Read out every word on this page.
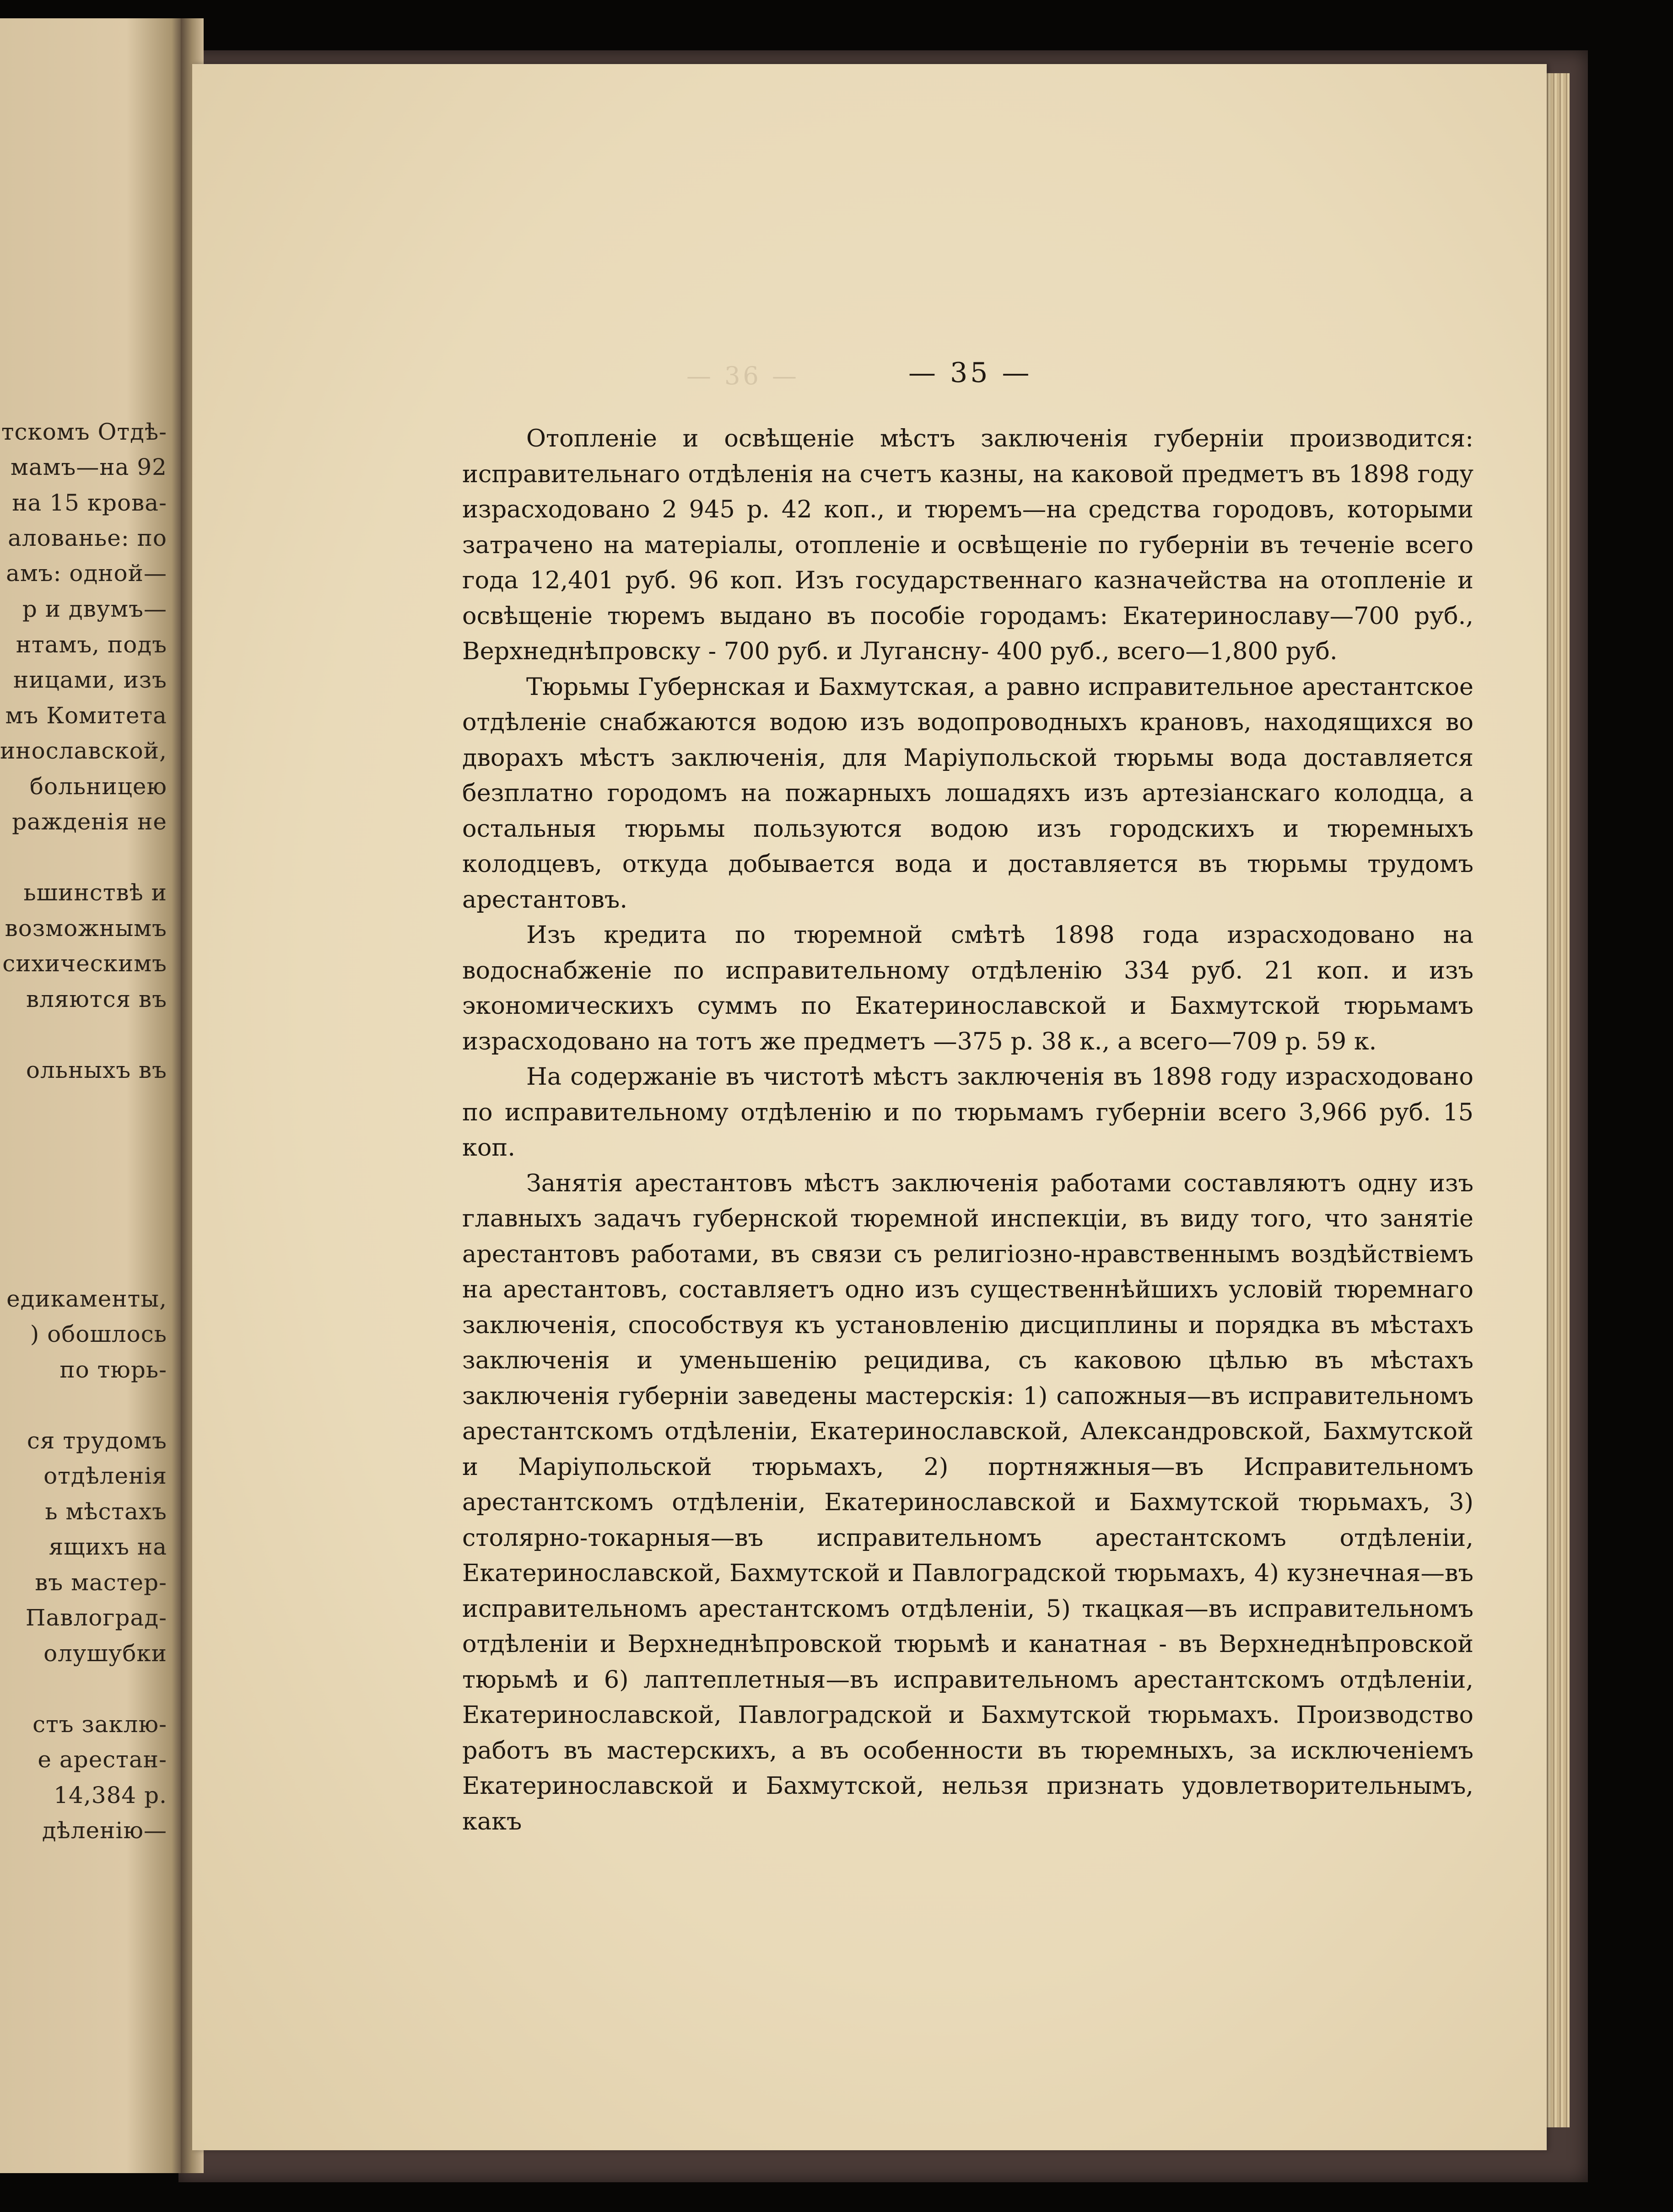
тскомъ Отдѣ-
мамъ—на 92
на 15 крова-
алованье: по
амъ: одной—
р и двумъ—
нтамъ, подъ
ницами, изъ
мъ Комитета
инославской,
больницею
ражденія не
ьшинствѣ и
возможнымъ
сихическимъ
вляются въ
ольныхъ въ
едикаменты,
) обошлось
по тюрь-
ся трудомъ
отдѣленія
ь мѣстахъ
ящихъ на
въ мастер-
Павлоград-
олушубки
стъ заклю-
е арестан-
14,384 р.
дѣленію—
— 36 —	— 35 —

Отопленіе и освѣщеніе мѣстъ заключенія губерніи производится: исправительнаго отдѣленія на счетъ казны, на каковой предметъ въ 1898 году израсходовано 2 945 р. 42 коп., и тюремъ—на средства городовъ, которыми затрачено на матеріалы, отопленіе и освѣщеніе по губерніи въ теченіе всего года 12,401 руб. 96 коп. Изъ государственнаго казначейства на отопленіе и освѣщеніе тюремъ выдано въ пособіе городамъ: Екатеринославу—700 руб., Верхнеднѣпровску - 700 руб. и Лугансну- 400 руб., всего—1,800 руб.

Тюрьмы Губернская и Бахмутская, а равно исправительное арестантское отдѣленіе снабжаются водою изъ водопроводныхъ крановъ, находящихся во дворахъ мѣстъ заключенія, для Маріупольской тюрьмы вода доставляется безплатно городомъ на пожарныхъ лошадяхъ изъ артезіанскаго колодца, а остальныя тюрьмы пользуются водою изъ городскихъ и тюремныхъ колодцевъ, откуда добывается вода и доставляется въ тюрьмы трудомъ арестантовъ.

Изъ кредита по тюремной смѣтѣ 1898 года израсходовано на водоснабженіе по исправительному отдѣленію 334 руб. 21 коп. и изъ экономическихъ суммъ по Екатеринославской и Бахмутской тюрьмамъ израсходовано на тотъ же предметъ —375 р. 38 к., а всего—709 р. 59 к.

На содержаніе въ чистотѣ мѣстъ заключенія въ 1898 году израсходовано по исправительному отдѣленію и по тюрьмамъ губерніи всего 3,966 руб. 15 коп.

Занятія арестантовъ мѣстъ заключенія работами составляютъ одну изъ главныхъ задачъ губернской тюремной инспекціи, въ виду того, что занятіе арестантовъ работами, въ связи съ религіозно-нравственнымъ воздѣйствіемъ на арестантовъ, составляетъ одно изъ существеннѣйшихъ условій тюремнаго заключенія, способствуя къ установленію дисциплины и порядка въ мѣстахъ заключенія и уменьшенію рецидива, съ каковою цѣлью въ мѣстахъ заключенія губерніи заведены мастерскія: 1) сапожныя—въ исправительномъ арестантскомъ отдѣленіи, Екатеринославской, Александровской, Бахмутской и Маріупольской тюрьмахъ, 2) портняжныя—въ Исправительномъ арестантскомъ отдѣленіи, Екатеринославской и Бахмутской тюрьмахъ, 3) столярно-токарныя—въ исправительномъ арестантскомъ отдѣленіи, Екатеринославской, Бахмутской и Павлоградской тюрьмахъ, 4) кузнечная—въ исправительномъ арестантскомъ отдѣленіи, 5) ткацкая—въ исправительномъ отдѣленіи и Верхнеднѣпровской тюрьмѣ и канатная - въ Верхнеднѣпровской тюрьмѣ и 6) лаптеплетныя—въ исправительномъ арестантскомъ отдѣленіи, Екатеринославской, Павлоградской и Бахмутской тюрьмахъ. Производство работъ въ мастерскихъ, а въ особенности въ тюремныхъ, за исключеніемъ Екатеринославской и Бахмутской, нельзя признать удовлетворительнымъ, какъ
